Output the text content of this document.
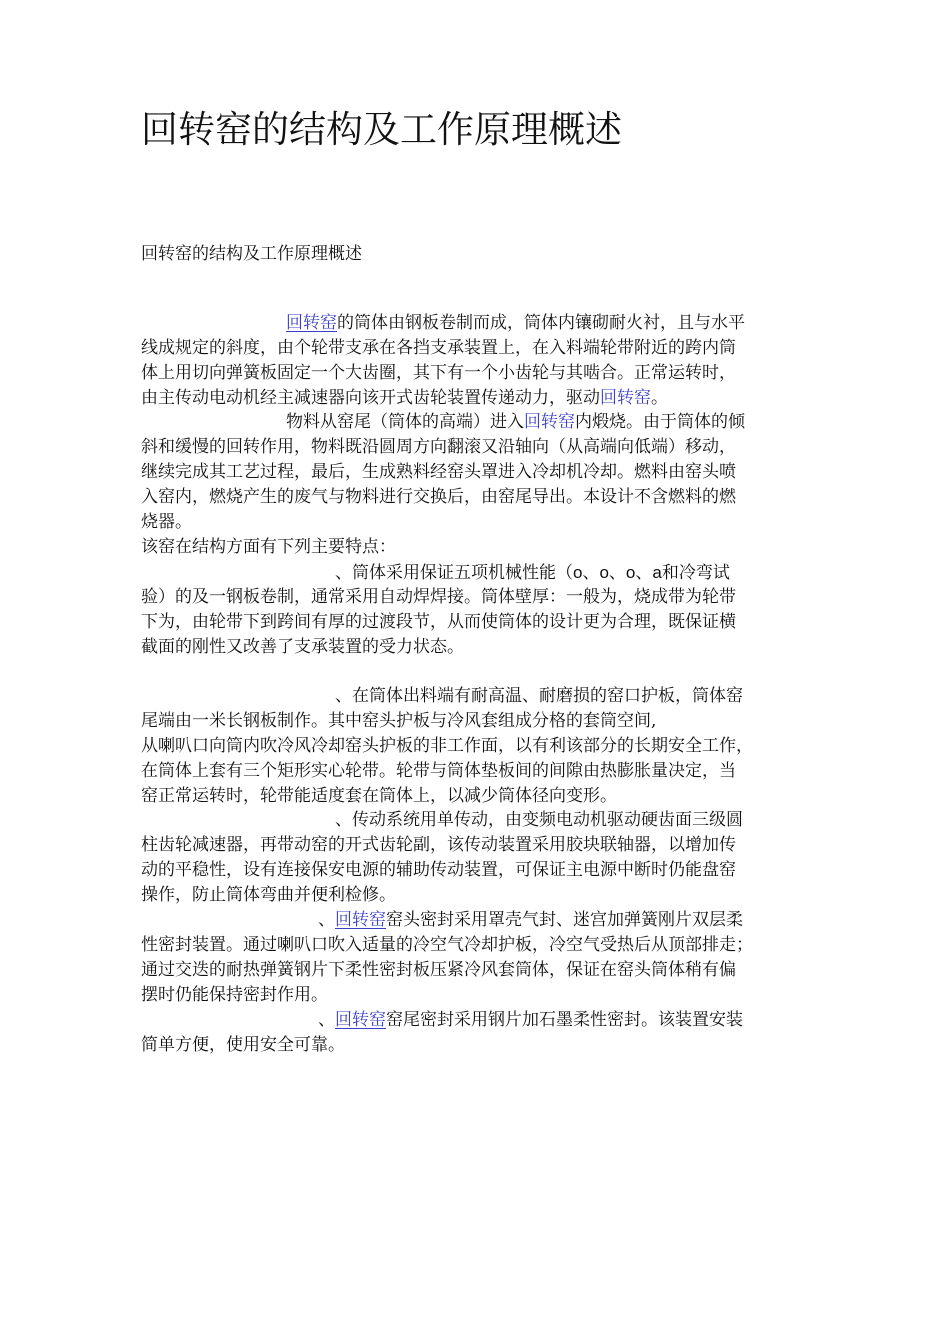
回转窑的结构及工作原理概述
回转窑的结构及工作原理概述
回转窑的筒体由钢板卷制而成，筒体内镶砌耐火衬，且与水平
线成规定的斜度，由个轮带支承在各挡支承装置上，在入料端轮带附近的跨内筒
体上用切向弹簧板固定一个大齿圈，其下有一个小齿轮与其啮合。正常运转时，
由主传动电动机经主减速器向该开式齿轮装置传递动力，驱动回转窑。
物料从窑尾（筒体的高端）进入回转窑内煅烧。由于筒体的倾
斜和缓慢的回转作用，物料既沿圆周方向翻滚又沿轴向（从高端向低端）移动，
继续完成其工艺过程，最后，生成熟料经窑头罩进入冷却机冷却。燃料由窑头喷
入窑内，燃烧产生的废气与物料进行交换后，由窑尾导出。本设计不含燃料的燃
烧器。
该窑在结构方面有下列主要特点：
、筒体采用保证五项机械性能（o、o、o、a和冷弯试
验）的及一钢板卷制，通常采用自动焊焊接。筒体壁厚：一般为，烧成带为轮带
下为，由轮带下到跨间有厚的过渡段节，从而使筒体的设计更为合理，既保证横
截面的刚性又改善了支承装置的受力状态。
、在筒体出料端有耐高温、耐磨损的窑口护板，筒体窑
尾端由一米长钢板制作。其中窑头护板与冷风套组成分格的套筒空间,
从喇叭口向筒内吹冷风冷却窑头护板的非工作面，以有利该部分的长期安全工作，
在筒体上套有三个矩形实心轮带。轮带与筒体垫板间的间隙由热膨胀量决定，当
窑正常运转时，轮带能适度套在筒体上，以减少筒体径向变形。
、传动系统用单传动，由变频电动机驱动硬齿面三级圆
柱齿轮减速器，再带动窑的开式齿轮副，该传动装置采用胶块联轴器，以增加传
动的平稳性，设有连接保安电源的辅助传动装置，可保证主电源中断时仍能盘窑
操作，防止筒体弯曲并便利检修。
、回转窑窑头密封采用罩壳气封、迷宫加弹簧刚片双层柔
性密封装置。通过喇叭口吹入适量的冷空气冷却护板，冷空气受热后从顶部排走；
通过交迭的耐热弹簧钢片下柔性密封板压紧冷风套筒体，保证在窑头筒体稍有偏
摆时仍能保持密封作用。
、回转窑窑尾密封采用钢片加石墨柔性密封。该装置安装
简单方便，使用安全可靠。
